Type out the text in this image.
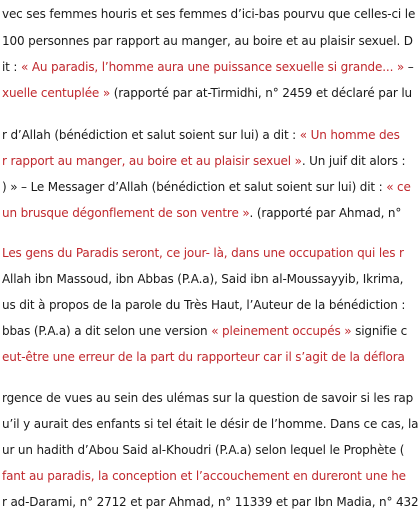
vec ses femmes houris et ses femmes d’ici-bas pourvu que celles-ci le
100 personnes par rapport au manger, au boire et au plaisir sexuel. D
it : « Au paradis, l’homme aura une puissance sexuelle si grande... » –
xuelle centuplée » (rapporté par at-Tirmidhi, n° 2459 et déclaré par lu
r d’Allah (bénédiction et salut soient sur lui) a dit : « Un homme des
r rapport au manger, au boire et au plaisir sexuel ». Un juif dit alors :
) » – Le Messager d’Allah (bénédiction et salut soient sur lui) dit : « ce
un brusque dégonflement de son ventre ». (rapporté par Ahmad, n°
Les gens du Paradis seront, ce jour- là, dans une occupation qui les r
Allah ibn Massoud, ibn Abbas (P.A.a), Said ibn al-Moussayyib, Ikrima,
us dit à propos de la parole du Très Haut, l’Auteur de la bénédiction :
bbas (P.A.a) a dit selon une version « pleinement occupés » signifie c
eut-être une erreur de la part du rapporteur car il s’agit de la déflora
rgence de vues au sein des ulémas sur la question de savoir si les rap
u’il y aurait des enfants si tel était le désir de l’homme. Dans ce cas, la
ur un hadith d’Abou Said al-Khoudri (P.A.a) selon lequel le Prophète (
fant au paradis, la conception et l’accouchement en dureront une he
r ad-Darami, n° 2712 et par Ahmad, n° 11339 et par Ibn Madia, n° 432
